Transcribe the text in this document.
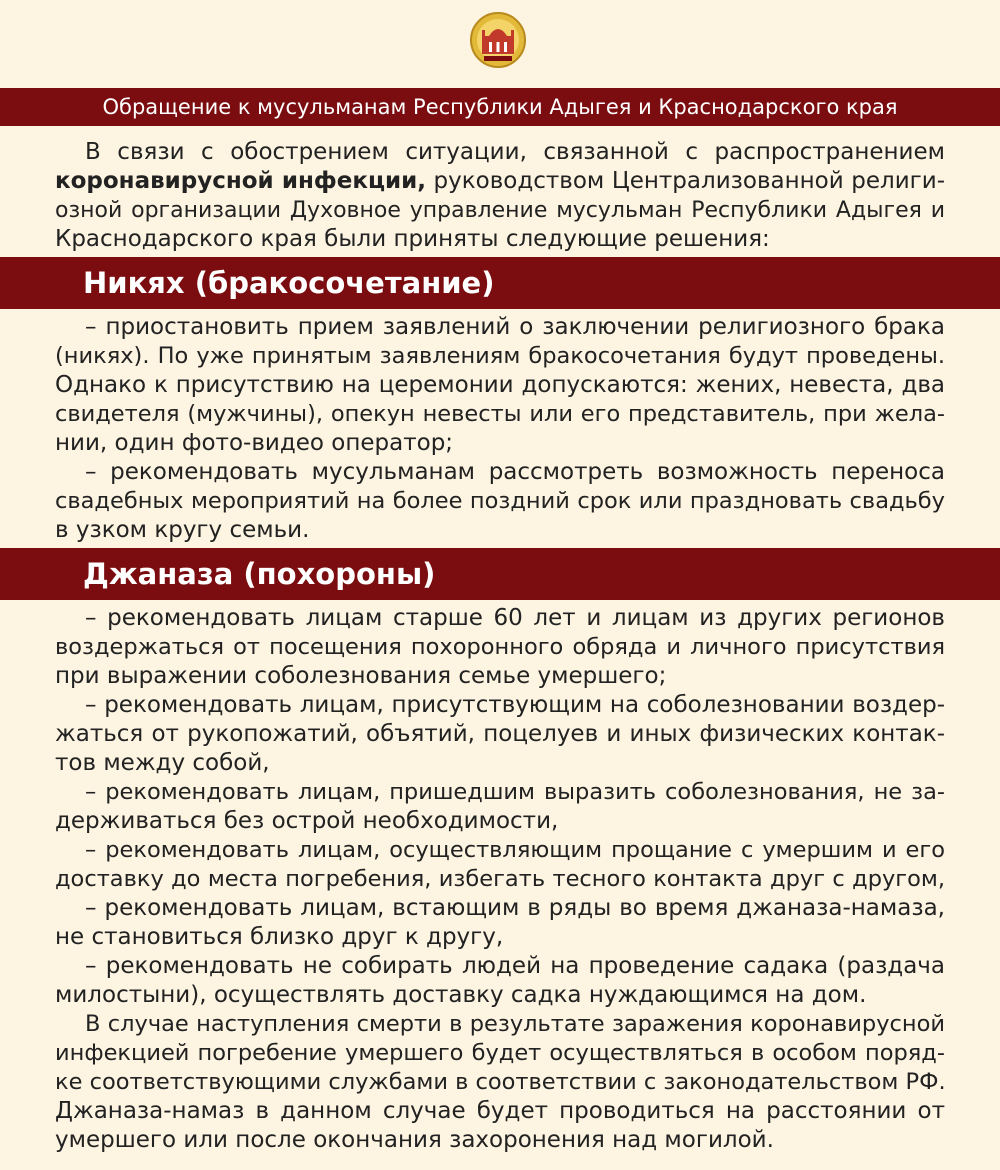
Обращение к мусульманам Республики Адыгея и Краснодарского края
В связи с обострением ситуации, связанной с распространением
коронавирусной инфекции, руководством Централизованной религи-
озной организации Духовное управление мусульман Республики Адыгея и
Краснодарского края были приняты следующие решения:
Никях (бракосочетание)
– приостановить прием заявлений о заключении религиозного брака
(никях). По уже принятым заявлениям бракосочетания будут проведены.
Однако к присутствию на церемонии допускаются: жених, невеста, два
свидетеля (мужчины), опекун невесты или его представитель, при жела-
нии, один фото-видео оператор;
– рекомендовать мусульманам рассмотреть возможность переноса
свадебных мероприятий на более поздний срок или праздновать свадьбу
в узком кругу семьи.
Джаназа (похороны)
– рекомендовать лицам старше 60 лет и лицам из других регионов
воздержаться от посещения похоронного обряда и личного присутствия
при выражении соболезнования семье умершего;
– рекомендовать лицам, присутствующим на соболезновании воздер-
жаться от рукопожатий, объятий, поцелуев и иных физических контак-
тов между собой,
– рекомендовать лицам, пришедшим выразить соболезнования, не за-
держиваться без острой необходимости,
– рекомендовать лицам, осуществляющим прощание с умершим и его
доставку до места погребения, избегать тесного контакта друг с другом,
– рекомендовать лицам, встающим в ряды во время джаназа-намаза,
не становиться близко друг к другу,
– рекомендовать не собирать людей на проведение садака (раздача
милостыни), осуществлять доставку садка нуждающимся на дом.
В случае наступления смерти в результате заражения коронавирусной
инфекцией погребение умершего будет осуществляться в особом поряд-
ке соответствующими службами в соответствии с законодательством РФ.
Джаназа-намаз в данном случае будет проводиться на расстоянии от
умершего или после окончания захоронения над могилой.
